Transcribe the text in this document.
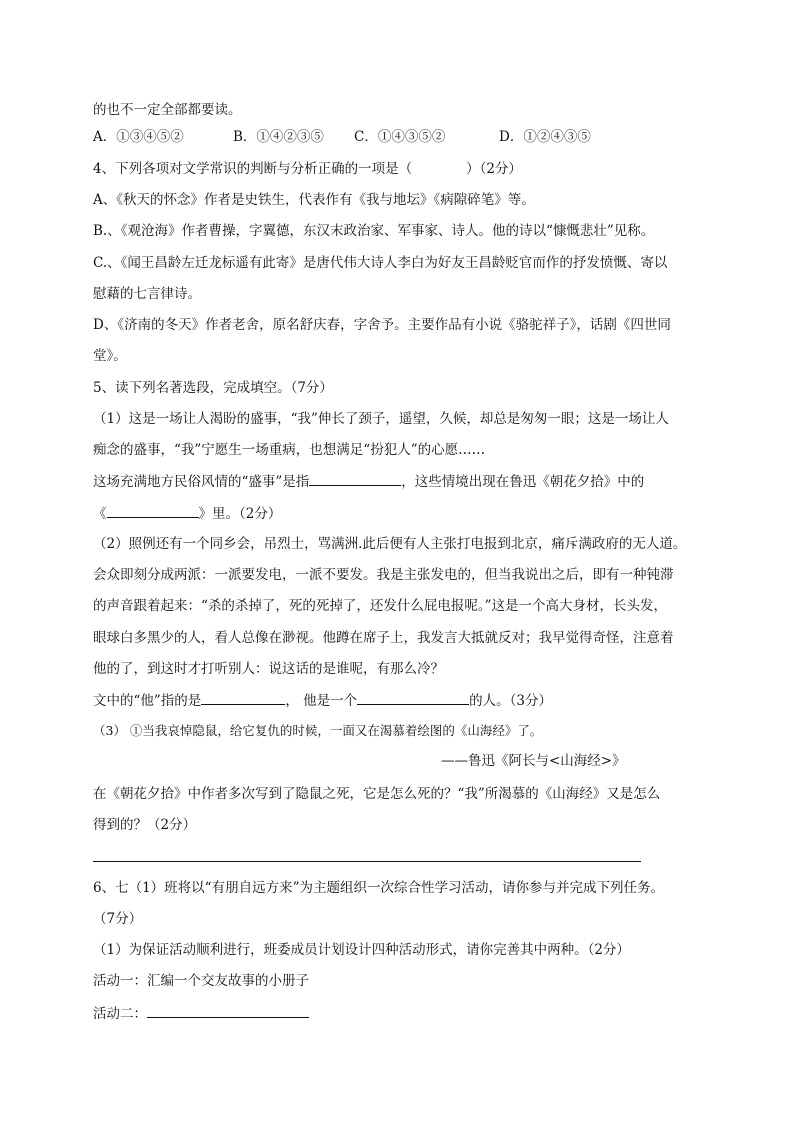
的也不一定全部都要读。
A．①③④⑤②	B．①④②③⑤ C．①④③⑤②	D．①②④③⑤
4、下列各项对文学常识的判断与分析正确的一项是（	）（2分）
A、《秋天的怀念》作者是史铁生，代表作有《我与地坛》《病隙碎笔》等。
B.、《观沧海》作者曹操，字翼德，东汉末政治家、军事家、诗人。他的诗以“慷慨悲壮”见称。
C.、《闻王昌龄左迁龙标遥有此寄》是唐代伟大诗人李白为好友王昌龄贬官而作的抒发愤慨、寄以
慰藉的七言律诗。
D、《济南的冬天》作者老舍，原名舒庆春，字舍予。主要作品有小说《骆驼祥子》，话剧《四世同
堂》。
5、读下列名著选段，完成填空。（7分）
（1）这是一场让人渴盼的盛事，“我”伸长了颈子，遥望，久候，却总是匆匆一眼；这是一场让人
痴念的盛事，“我”宁愿生一场重病，也想满足“扮犯人”的心愿……
这场充满地方民俗风情的“盛事”是指	，这些情境出现在鲁迅《朝花夕拾》中的
《	》里。（2分）
（2）照例还有一个同乡会，吊烈士，骂满洲.此后便有人主张打电报到北京，痛斥满政府的无人道。
会众即刻分成两派：一派要发电，一派不要发。我是主张发电的，但当我说出之后，即有一种钝滞
的声音跟着起来：“杀的杀掉了，死的死掉了，还发什么屁电报呢。”这是一个高大身材，长头发，
眼球白多黑少的人，看人总像在渺视。他蹲在席子上，我发言大抵就反对；我早觉得奇怪，注意着
他的了，到这时才打听别人：说这话的是谁呢，有那么冷？
文中的“他”指的是	， 他是一个	的人。（3分）
（3） ①当我哀悼隐鼠，给它复仇的时候，一面又在渴慕着绘图的《山海经》了。
——鲁迅《阿长与<山海经>》
在《朝花夕拾》中作者多次写到了隐鼠之死，它是怎么死的？“我”所渴慕的《山海经》又是怎么
得到的？（2分）
6、七（1）班将以“有朋自远方来”为主题组织一次综合性学习活动，请你参与并完成下列任务。
（7分）
（1）为保证活动顺利进行，班委成员计划设计四种活动形式，请你完善其中两种。（2分）
活动一：汇编一个交友故事的小册子
活动二：
